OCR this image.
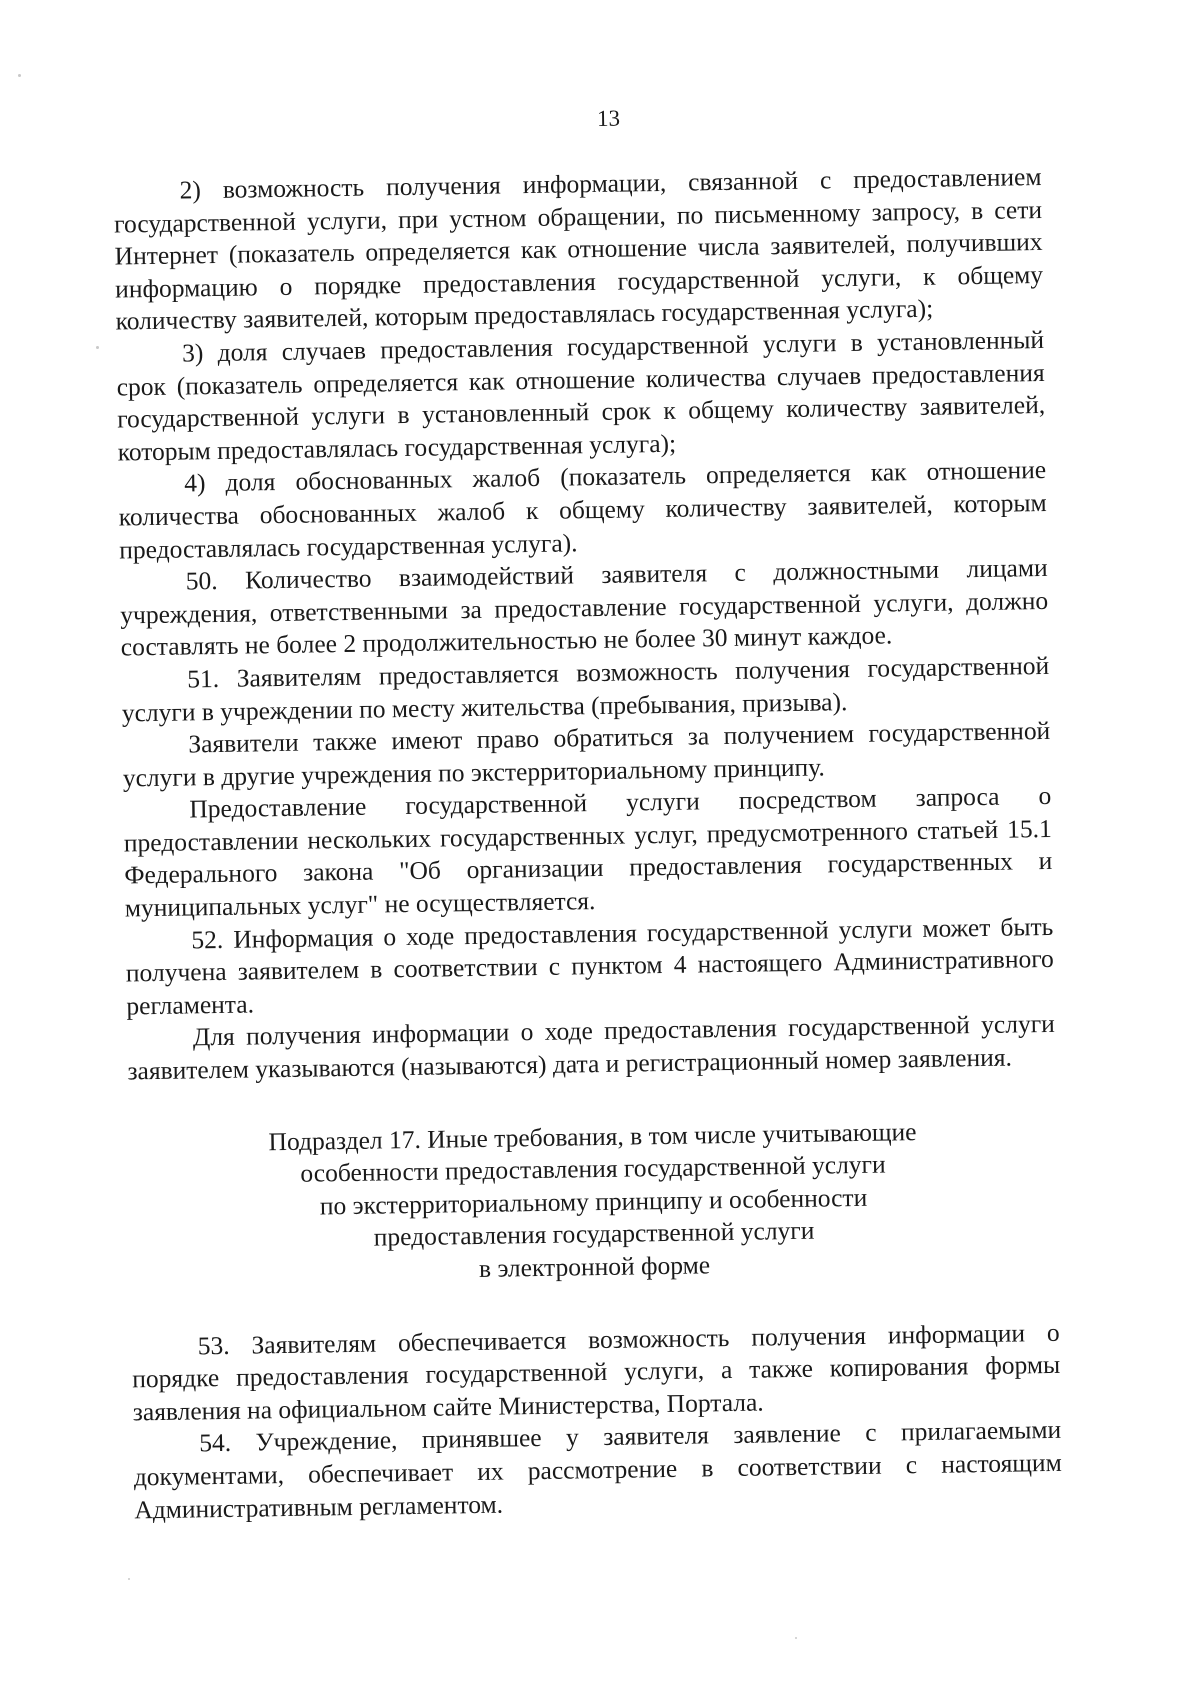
13

2) возможность получения информации, связанной с предоставлением государственной услуги, при устном обращении, по письменному запросу, в сети Интернет (показатель определяется как отношение числа заявителей, получивших информацию о порядке предоставления государственной услуги, к общему количеству заявителей, которым предоставлялась государственная услуга);

3) доля случаев предоставления государственной услуги в установленный срок (показатель определяется как отношение количества случаев предоставления государственной услуги в установленный срок к общему количеству заявителей, которым предоставлялась государственная услуга);

4) доля обоснованных жалоб (показатель определяется как отношение количества обоснованных жалоб к общему количеству заявителей, которым предоставлялась государственная услуга).

50. Количество взаимодействий заявителя с должностными лицами учреждения, ответственными за предоставление государственной услуги, должно составлять не более 2 продолжительностью не более 30 минут каждое.

51. Заявителям предоставляется возможность получения государственной услуги в учреждении по месту жительства (пребывания, призыва).

Заявители также имеют право обратиться за получением государственной услуги в другие учреждения по экстерриториальному принципу.

Предоставление государственной услуги посредством запроса о предоставлении нескольких государственных услуг, предусмотренного статьей 15.1 Федерального закона "Об организации предоставления государственных и муниципальных услуг" не осуществляется.

52. Информация о ходе предоставления государственной услуги может быть получена заявителем в соответствии с пунктом 4 настоящего Административного регламента.

Для получения информации о ходе предоставления государственной услуги заявителем указываются (называются) дата и регистрационный номер заявления.

Подраздел 17. Иные требования, в том числе учитывающие
особенности предоставления государственной услуги
по экстерриториальному принципу и особенности
предоставления государственной услуги
в электронной форме

53. Заявителям обеспечивается возможность получения информации о порядке предоставления государственной услуги, а также копирования формы заявления на официальном сайте Министерства, Портала.

54. Учреждение, принявшее у заявителя заявление с прилагаемыми документами, обеспечивает их рассмотрение в соответствии с настоящим Административным регламентом.
